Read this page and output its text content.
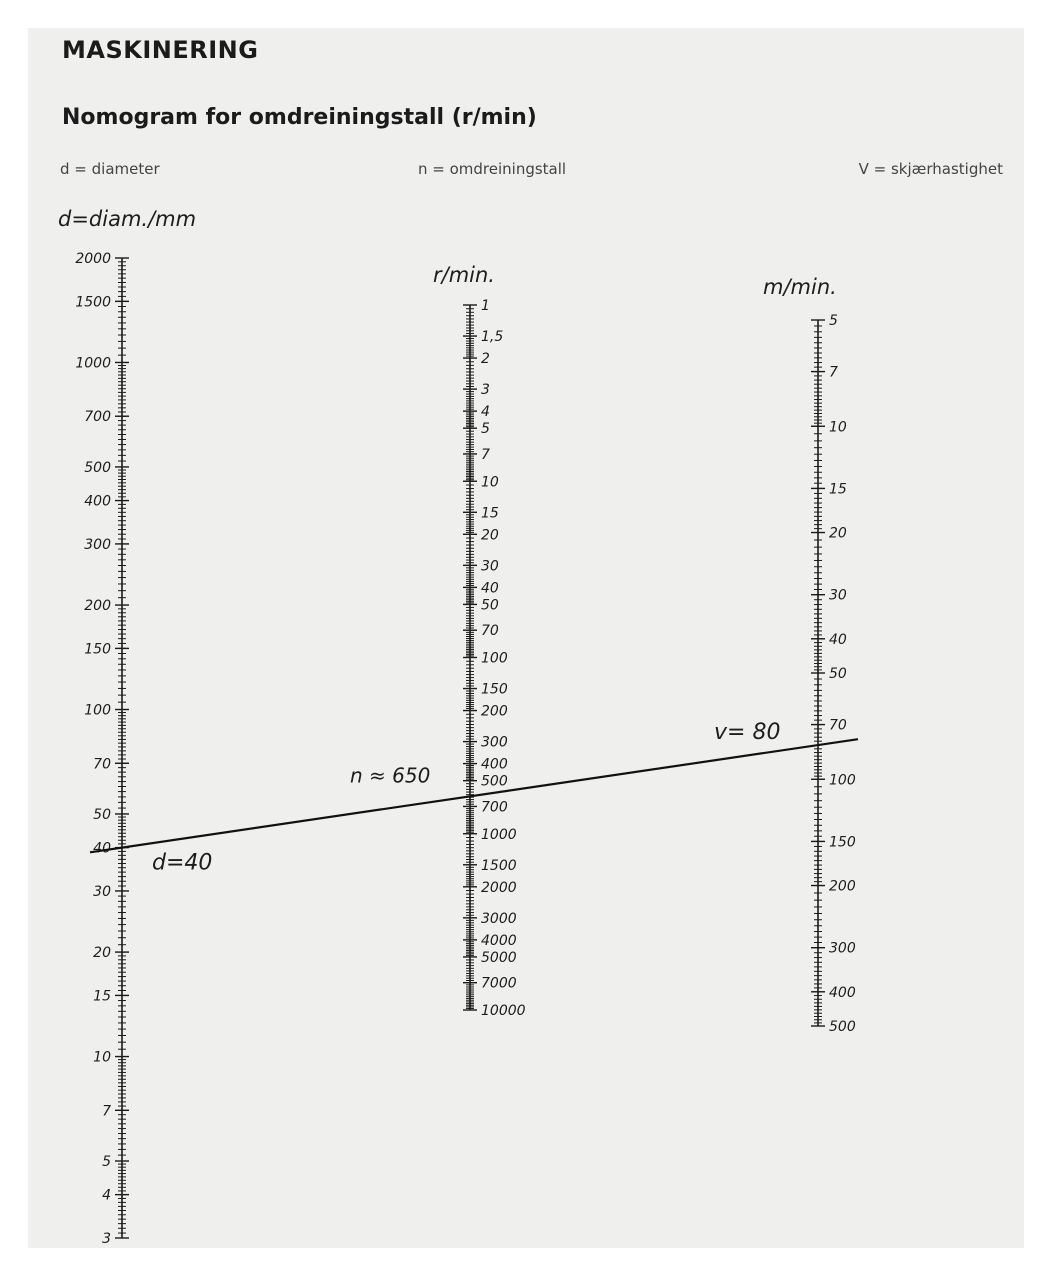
MASKINERING
Nomogram for omdreiningstall (r/min)
d = diameter	n = omdreiningstall	V = skjærhastighet
d=diam./mm
2000
1500
1000
700
500
400
300
200
150
100
70
50
40
30
20
15
10
7
5
4
3
r/min.
1
1,5
2
3
4
5
7
10
15
20
30
40
50
70
100
150
200
300
400
500
700
1000
1500
2000
3000
4000
5000
7000
10000
m/min.
5
7
10
15
20
30
40
50
70
100
150
200
300
400
500
d=40
n ≈ 650
v= 80
